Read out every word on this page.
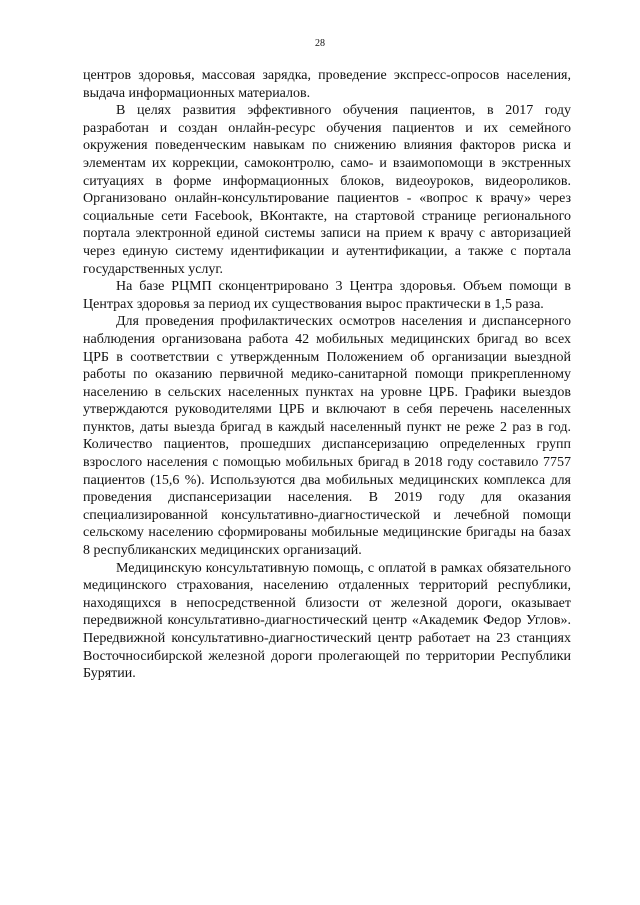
28

центров здоровья, массовая зарядка, проведение экспресс-опросов населения, выдача информационных материалов.

В целях развития эффективного обучения пациентов, в 2017 году разработан и создан онлайн-ресурс обучения пациентов и их семейного окружения поведенческим навыкам по снижению влияния факторов риска и элементам их коррекции, самоконтролю, само- и взаимопомощи в экстренных ситуациях в форме информационных блоков, видеоуроков, видеороликов. Организовано онлайн-консультирование пациентов - «вопрос к врачу» через социальные сети Facebook, ВКонтакте, на стартовой странице регионального портала электронной единой системы записи на прием к врачу с авторизацией через единую систему идентификации и аутентификации, а также с портала государственных услуг.

На базе РЦМП сконцентрировано 3 Центра здоровья. Объем помощи в Центрах здоровья за период их существования вырос практически в 1,5 раза.

Для проведения профилактических осмотров населения и диспансерного наблюдения организована работа 42 мобильных медицинских бригад во всех ЦРБ в соответствии с утвержденным Положением об организации выездной работы по оказанию первичной медико-санитарной помощи прикрепленному населению в сельских населенных пунктах на уровне ЦРБ. Графики выездов утверждаются руководителями ЦРБ и включают в себя перечень населенных пунктов, даты выезда бригад в каждый населенный пункт не реже 2 раз в год. Количество пациентов, прошедших диспансеризацию определенных групп взрослого населения с помощью мобильных бригад в 2018 году составило 7757 пациентов (15,6 %). Используются два мобильных медицинских комплекса для проведения диспансеризации населения. В 2019 году для оказания специализированной консультативно-диагностической и лечебной помощи сельскому населению сформированы мобильные медицинские бригады на базах 8 республиканских медицинских организаций.

Медицинскую консультативную помощь, с оплатой в рамках обязательного медицинского страхования, населению отдаленных территорий республики, находящихся в непосредственной близости от железной дороги, оказывает передвижной консультативно-диагностический центр «Академик Федор Углов». Передвижной консультативно-диагностический центр работает на 23 станциях Восточносибирской железной дороги пролегающей по территории Республики Бурятии.
